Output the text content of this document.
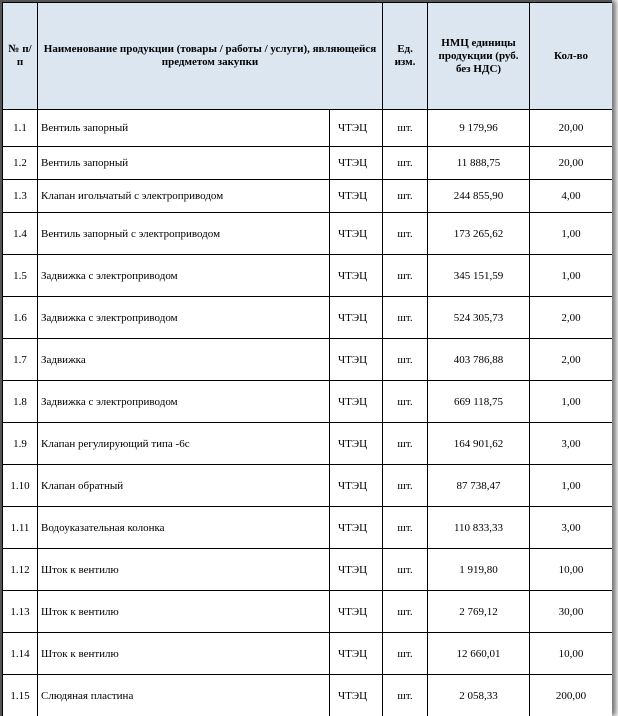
№ п/п	Наименование продукции (товары / работы / услуги), являющейся предметом закупки		Ед. изм.	НМЦ единицы продукции (руб. без НДС)	Кол-во
1.1	Вентиль запорный	ЧТЭЦ	шт.	9 179,96	20,00
1.2	Вентиль запорный	ЧТЭЦ	шт.	11 888,75	20,00
1.3	Клапан игольчатый с электроприводом	ЧТЭЦ	шт.	244 855,90	4,00
1.4	Вентиль запорный с электроприводом	ЧТЭЦ	шт.	173 265,62	1,00
1.5	Задвижка с электроприводом	ЧТЭЦ	шт.	345 151,59	1,00
1.6	Задвижка с электроприводом	ЧТЭЦ	шт.	524 305,73	2,00
1.7	Задвижка	ЧТЭЦ	шт.	403 786,88	2,00
1.8	Задвижка с электроприводом	ЧТЭЦ	шт.	669 118,75	1,00
1.9	Клапан регулирующий типа -6с	ЧТЭЦ	шт.	164 901,62	3,00
1.10	Клапан обратный	ЧТЭЦ	шт.	87 738,47	1,00
1.11	Водоуказательная колонка	ЧТЭЦ	шт.	110 833,33	3,00
1.12	Шток к вентилю	ЧТЭЦ	шт.	1 919,80	10,00
1.13	Шток к вентилю	ЧТЭЦ	шт.	2 769,12	30,00
1.14	Шток к вентилю	ЧТЭЦ	шт.	12 660,01	10,00
1.15	Слюдяная пластина	ЧТЭЦ	шт.	2 058,33	200,00
